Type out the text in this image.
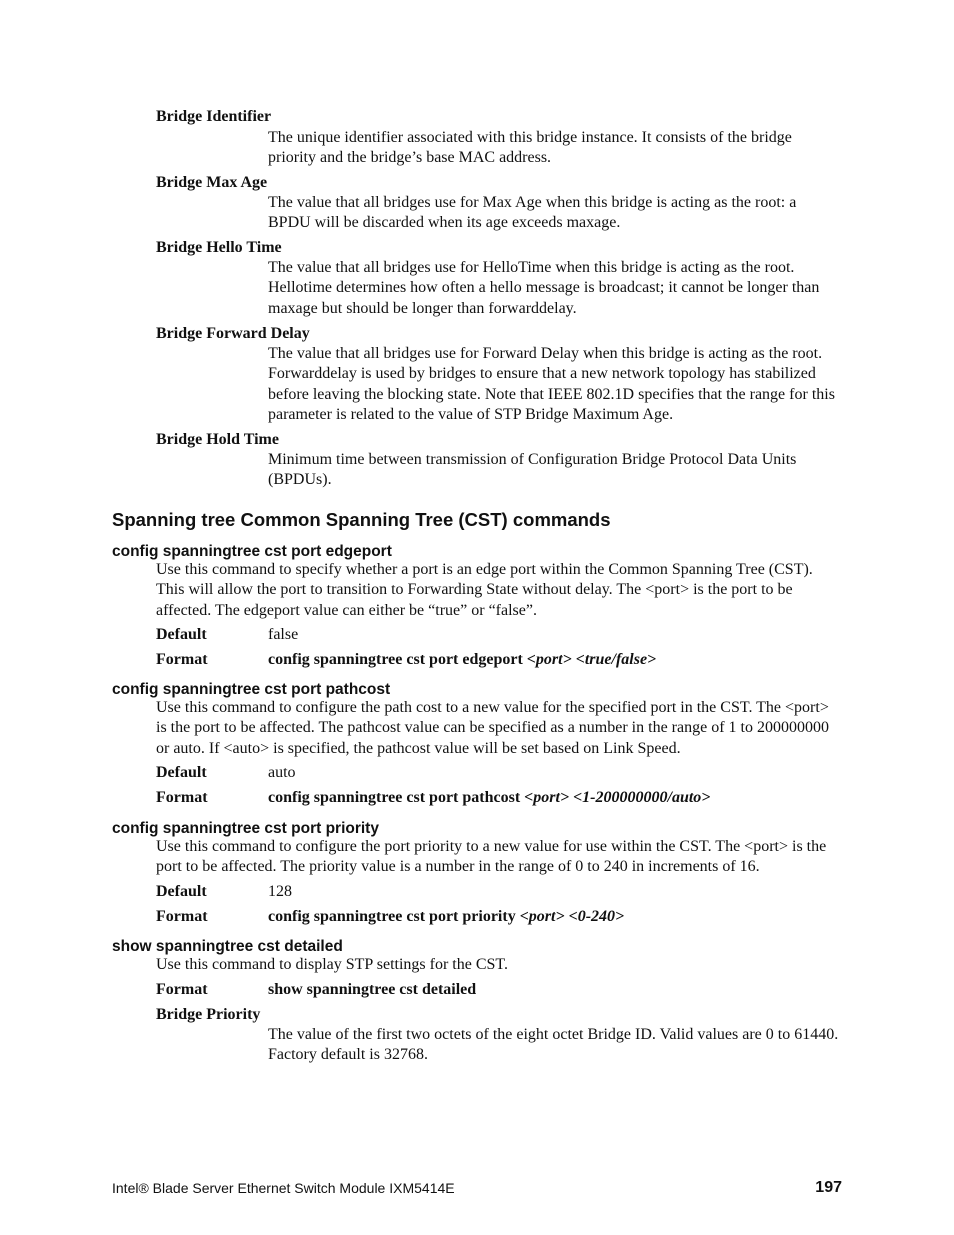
Bridge Identifier
The unique identifier associated with this bridge instance. It consists of the bridge priority and the bridge’s base MAC address.
Bridge Max Age
The value that all bridges use for Max Age when this bridge is acting as the root: a BPDU will be discarded when its age exceeds maxage.
Bridge Hello Time
The value that all bridges use for HelloTime when this bridge is acting as the root. Hellotime determines how often a hello message is broadcast; it cannot be longer than maxage but should be longer than forwarddelay.
Bridge Forward Delay
The value that all bridges use for Forward Delay when this bridge is acting as the root. Forwarddelay is used by bridges to ensure that a new network topology has stabilized before leaving the blocking state. Note that IEEE 802.1D specifies that the range for this parameter is related to the value of STP Bridge Maximum Age.
Bridge Hold Time
Minimum time between transmission of Configuration Bridge Protocol Data Units (BPDUs).
Spanning tree Common Spanning Tree (CST) commands
config spanningtree cst port edgeport
Use this command to specify whether a port is an edge port within the Common Spanning Tree (CST). This will allow the port to transition to Forwarding State without delay. The <port> is the port to be affected. The edgeport value can either be “true” or “false”.
Default	false
Format	config spanningtree cst port edgeport <port> <true/false>
config spanningtree cst port pathcost
Use this command to configure the path cost to a new value for the specified port in the CST. The <port> is the port to be affected. The pathcost value can be specified as a number in the range of 1 to 200000000 or auto. If <auto> is specified, the pathcost value will be set based on Link Speed.
Default	auto
Format	config spanningtree cst port pathcost <port> <1-200000000/auto>
config spanningtree cst port priority
Use this command to configure the port priority to a new value for use within the CST. The <port> is the port to be affected. The priority value is a number in the range of 0 to 240 in increments of 16.
Default	128
Format	config spanningtree cst port priority <port> <0-240>
show spanningtree cst detailed
Use this command to display STP settings for the CST.
Format	show spanningtree cst detailed
Bridge Priority
The value of the first two octets of the eight octet Bridge ID. Valid values are 0 to 61440. Factory default is 32768.
Intel® Blade Server Ethernet Switch Module IXM5414E	197
